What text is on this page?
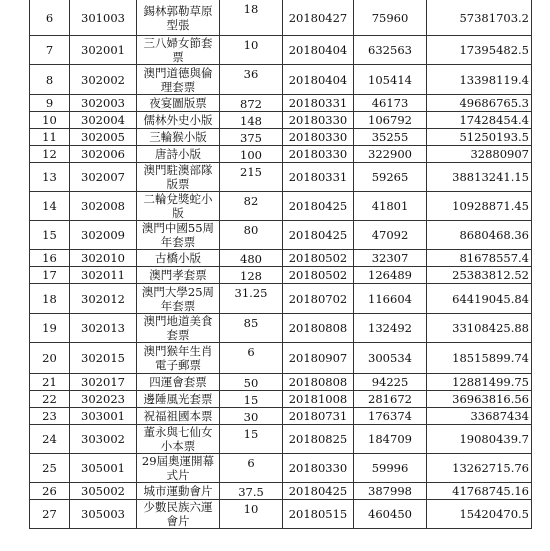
6	301003	錫林郭勒草原型張	18	20180427	75960	57381703.2
7	302001	三八婦女節套票	10	20180404	632563	17395482.5
8	302002	澳門道德與倫理套票	36	20180404	105414	13398119.4
9	302003	夜宴圖版票	872	20180331	46173	49686765.3
10	302004	儒林外史小版	148	20180330	106792	17428454.4
11	302005	三輪猴小版	375	20180330	35255	51250193.5
12	302006	唐詩小版	100	20180330	322900	32880907
13	302007	澳門駐澳部隊版票	215	20180331	59265	38813241.15
14	302008	二輪兌獎蛇小版	82	20180425	41801	10928871.45
15	302009	澳門中國55周年套票	80	20180425	47092	8680468.36
16	302010	古橋小版	480	20180502	32307	81678557.4
17	302011	澳門孝套票	128	20180502	126489	25383812.52
18	302012	澳門大學25周年套票	31.25	20180702	116604	64419045.84
19	302013	澳門地道美食套票	85	20180808	132492	33108425.88
20	302015	澳門猴年生肖電子郵票	6	20180907	300534	18515899.74
21	302017	四運會套票	50	20180808	94225	12881499.75
22	302023	邊陲風光套票	15	20181008	281672	36963816.56
23	303001	祝福祖國本票	30	20180731	176374	33687434
24	303002	董永與七仙女小本票	15	20180825	184709	19080439.7
25	305001	29屆奧運開幕式片	6	20180330	59996	13262715.76
26	305002	城市運動會片	37.5	20180425	387998	41768745.16
27	305003	少數民族六運會片	10	20180515	460450	15420470.5
